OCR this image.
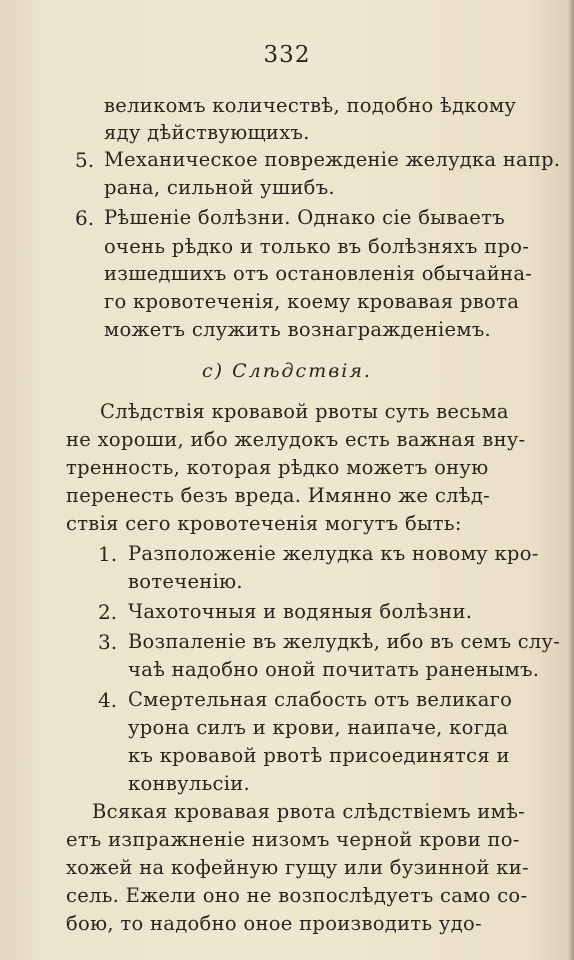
332
великомъ количествѣ, подобно ѣдкому
яду дѣйствующихъ.
5. Механическое поврежденіе желудка напр.
рана, сильной ушибъ.
6. Рѣшеніе болѣзни. Однако сіе бываетъ
очень рѣдко и только въ болѣзняхъ про-
изшедшихъ отъ остановленія обычайна-
го кровотеченія, коему кровавая рвота
можетъ служить вознагражденіемъ.
c) Слѣдствія.
Слѣдствія кровавой рвоты суть весьма
не хороши, ибо желудокъ есть важная вну-
тренность, которая рѣдко можетъ оную
перенесть безъ вреда. Имянно же слѣд-
ствія сего кровотеченія могутъ быть:
1. Разположеніе желудка къ новому кро-
вотеченію.
2. Чахоточныя и водяныя болѣзни.
3. Возпаленіе въ желудкѣ, ибо въ семъ слу-
чаѣ надобно оной почитать раненымъ.
4. Смертельная слабость отъ великаго
урона силъ и крови, наипаче, когда
къ кровавой рвотѣ присоединятся и
конвульсіи.
Всякая кровавая рвота слѣдствіемъ имѣ-
етъ изпражненіе низомъ черной крови по-
хожей на кофейную гущу или бузинной ки-
сель. Ежели оно не возпослѣдуетъ само со-
бою, то надобно оное производить удо-
